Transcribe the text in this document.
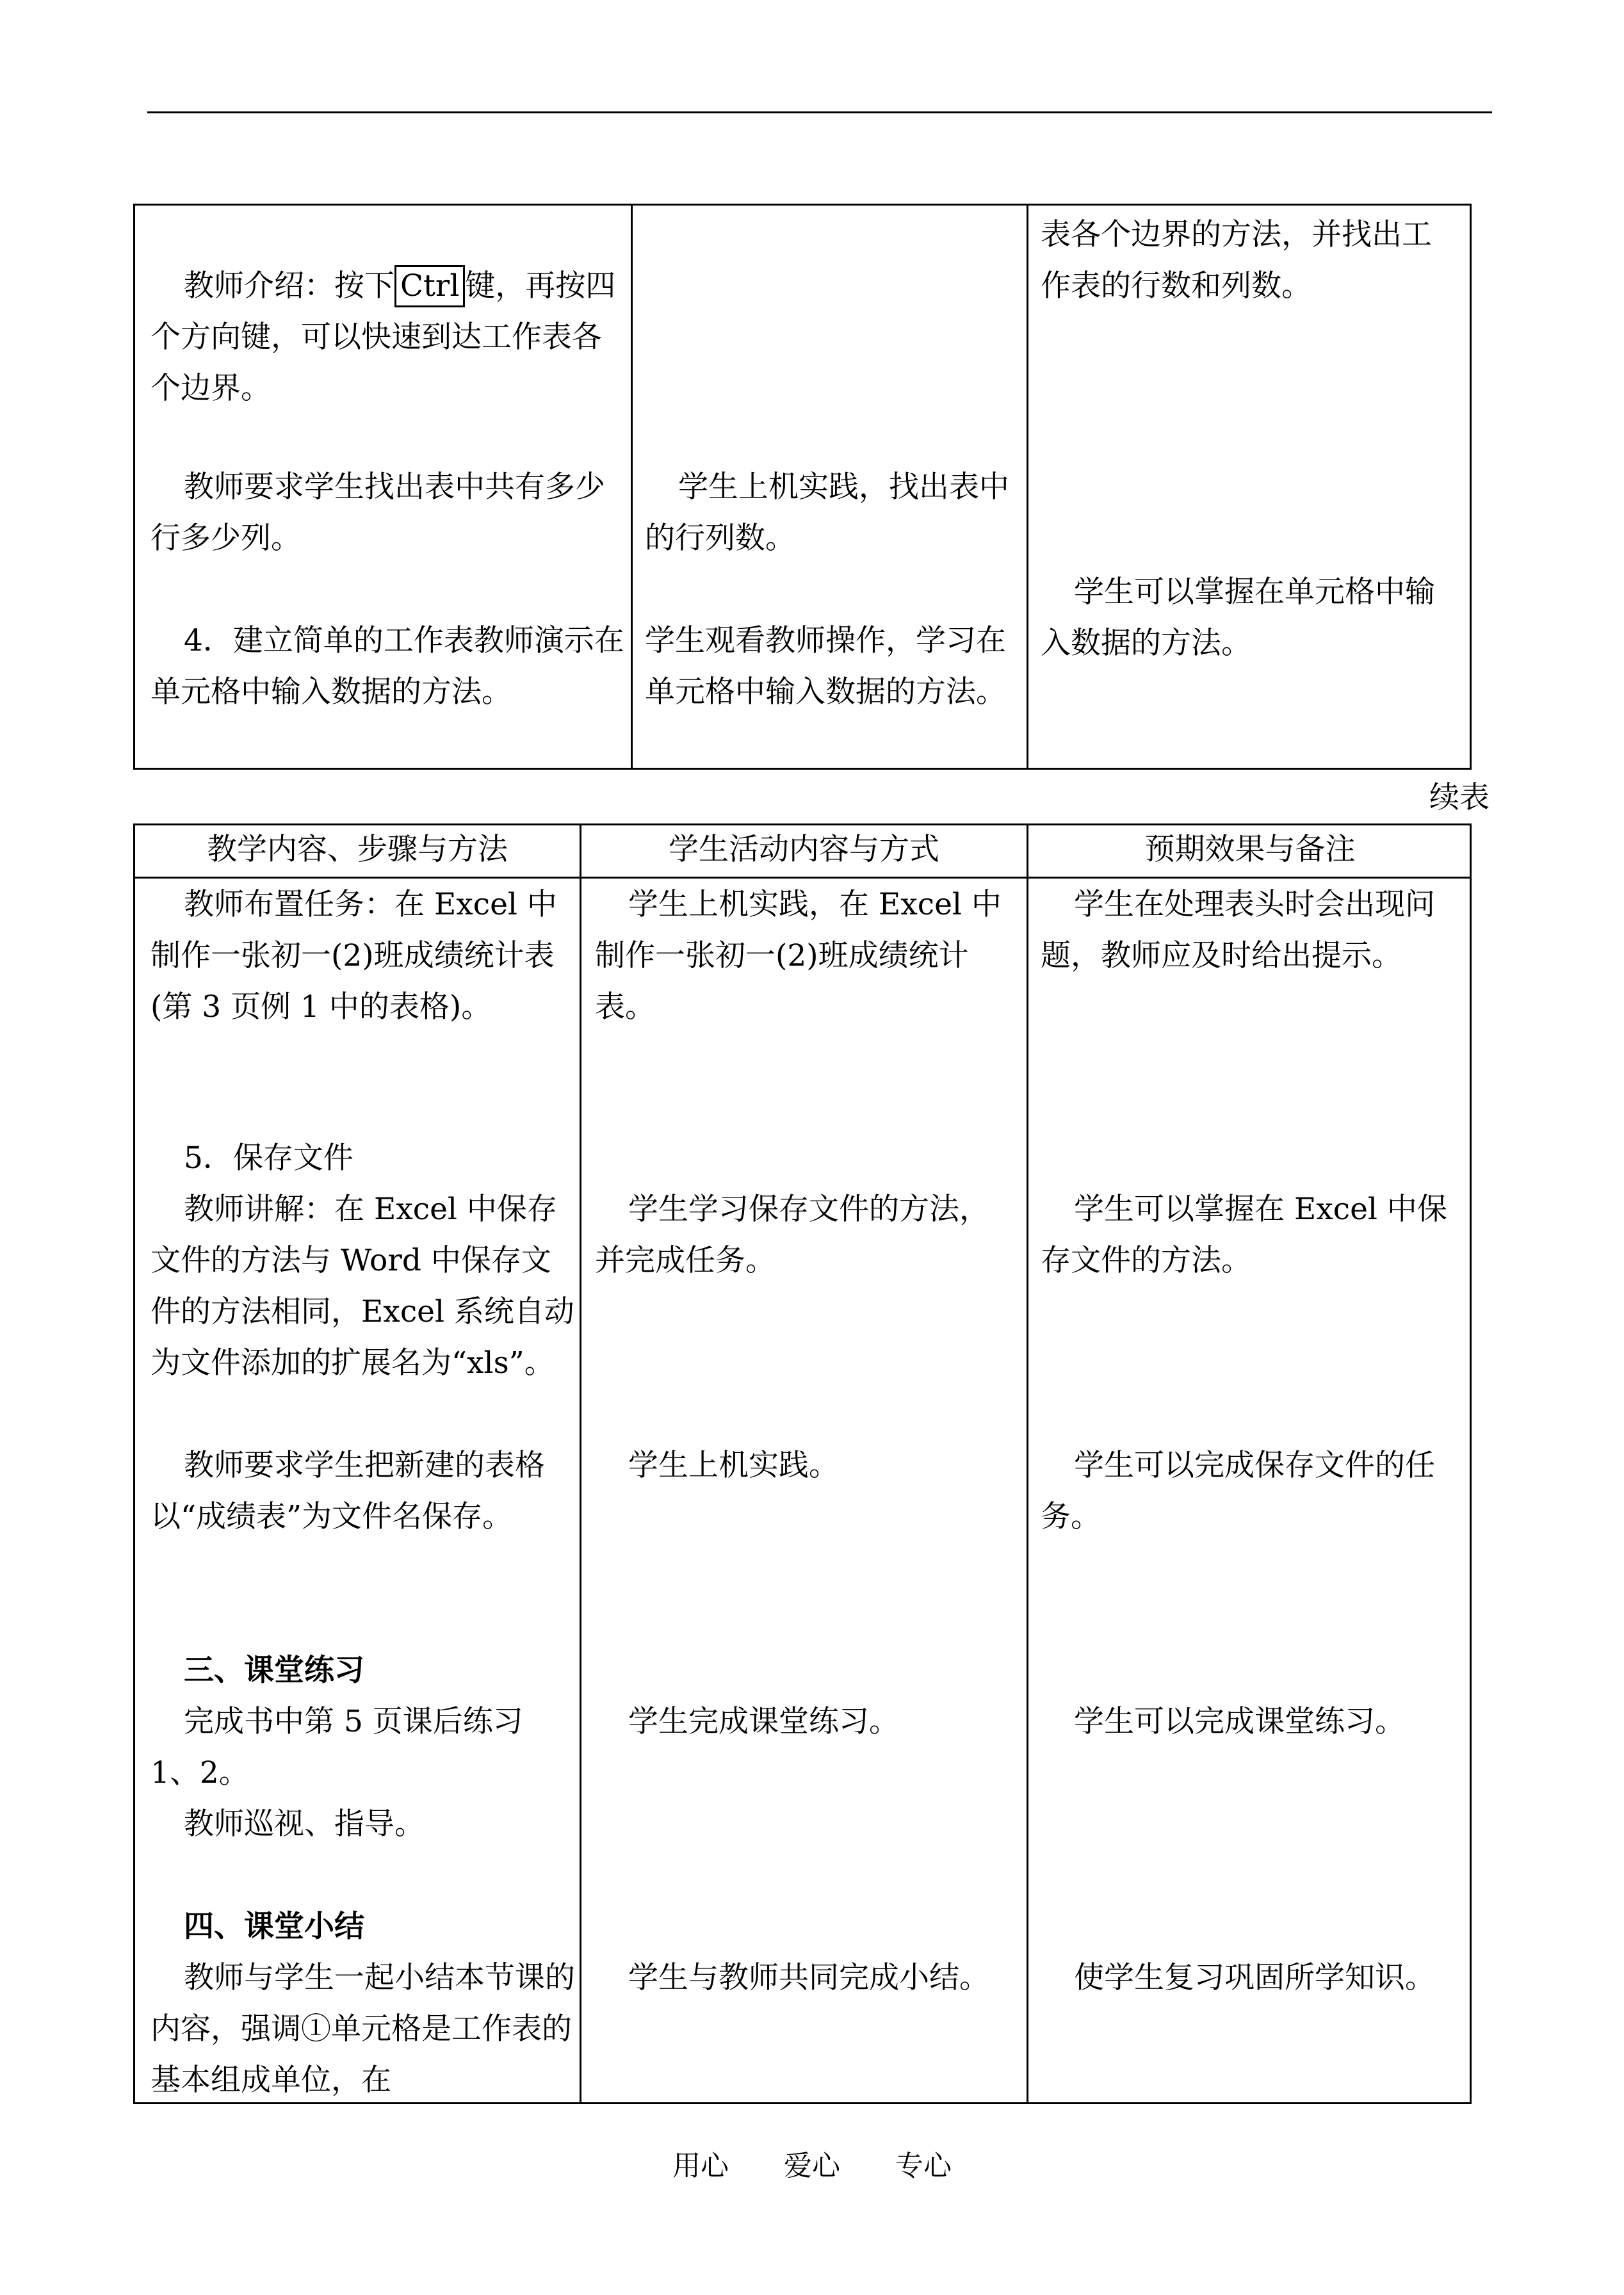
教师介绍：按下 Ctrl 键，再按四个方向键，可以快速到达工作表各个边界。

教师要求学生找出表中共有多少行多少列。

4．建立简单的工作表教师演示在单元格中输入数据的方法。

学生上机实践，找出表中的行列数。

学生观看教师操作，学习在单元格中输入数据的方法。

表各个边界的方法，并找出工作表的行数和列数。

学生可以掌握在单元格中输入数据的方法。

续表
教学内容、步骤与方法	学生活动内容与方式	预期效果与备注

教师布置任务：在 Excel 中制作一张初一(2)班成绩统计表(第 3 页例 1 中的表格)。

5．保存文件

教师讲解：在 Excel 中保存文件的方法与 Word 中保存文件的方法相同，Excel 系统自动为文件添加的扩展名为“xls”。

教师要求学生把新建的表格以“成绩表”为文件名保存。

三、课堂练习

完成书中第 5 页课后练习 1、2。

教师巡视、指导。

四、课堂小结

教师与学生一起小结本节课的内容，强调①单元格是工作表的基本组成单位，在

学生上机实践，在 Excel 中制作一张初一(2)班成绩统计表。

学生学习保存文件的方法，并完成任务。

学生上机实践。

学生完成课堂练习。

学生与教师共同完成小结。

学生在处理表头时会出现问题，教师应及时给出提示。

学生可以掌握在 Excel 中保存文件的方法。

学生可以完成保存文件的任务。

学生可以完成课堂练习。

使学生复习巩固所学知识。

用心 爱心 专心
